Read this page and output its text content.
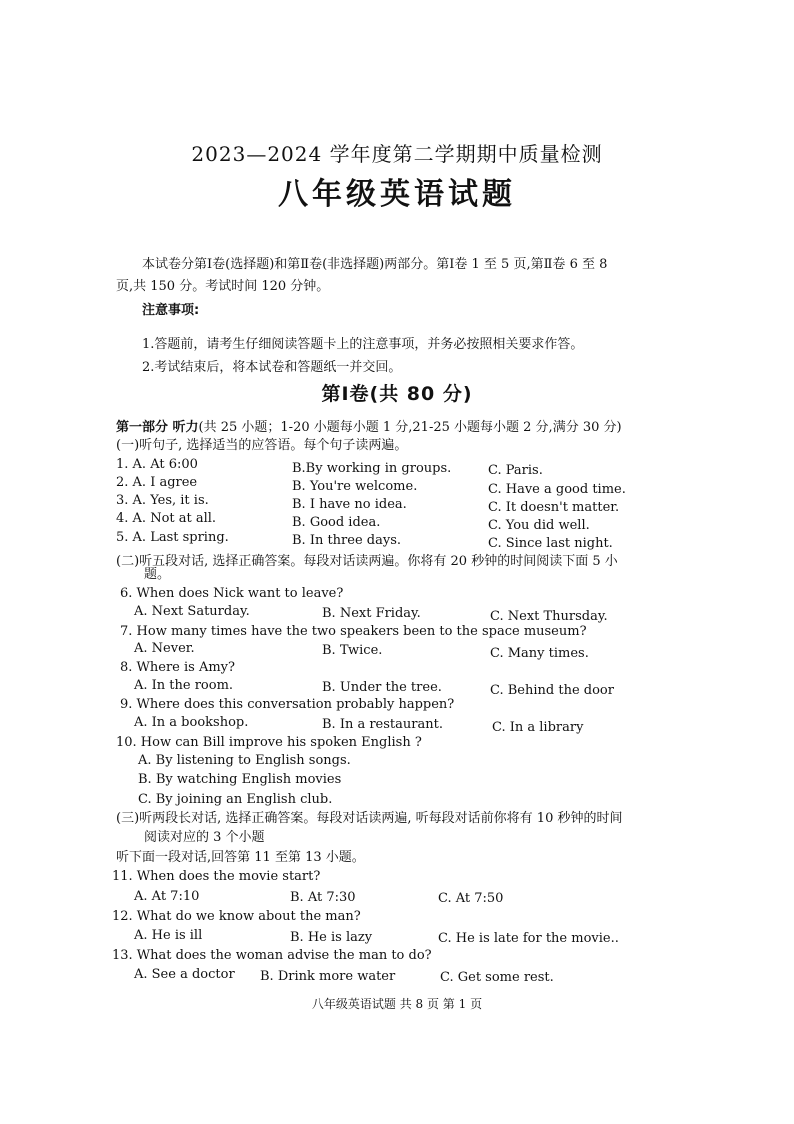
2023—2024 学年度第二学期期中质量检测
八年级英语试题
本试卷分第Ⅰ卷(选择题)和第Ⅱ卷(非选择题)两部分。第Ⅰ卷 1 至 5 页,第Ⅱ卷 6 至 8
页,共 150 分。考试时间 120 分钟。
注意事项:
1.答题前，请考生仔细阅读答题卡上的注意事项，并务必按照相关要求作答。
2.考试结束后，将本试卷和答题纸一并交回。
第Ⅰ卷(共 80 分)
第一部分 听力(共 25 小题；1-20 小题每小题 1 分,21-25 小题每小题 2 分,满分 30 分)
(一)听句子, 选择适当的应答语。每个句子读两遍。
1. A. At 6:00	B.By working in groups.	C. Paris.
2. A. I agree	B. You're welcome.	C. Have a good time.
3. A. Yes, it is.	B. I have no idea.	C. It doesn't matter.
4. A. Not at all.	B. Good idea.	C. You did well.
5. A. Last spring.	B. In three days.	C. Since last night.
(二)听五段对话, 选择正确答案。每段对话读两遍。你将有 20 秒钟的时间阅读下面 5 小
题。
6. When does Nick want to leave?
A. Next Saturday.	B. Next Friday.	C. Next Thursday.
7. How many times have the two speakers been to the space museum?
A. Never.	B. Twice.	C. Many times.
8. Where is Amy?
A. In the room.	B. Under the tree.	C. Behind the door
9. Where does this conversation probably happen?
A. In a bookshop.	B. In a restaurant.	C. In a library
10. How can Bill improve his spoken English ?
A. By listening to English songs.
B. By watching English movies
C. By joining an English club.
(三)听两段长对话, 选择正确答案。每段对话读两遍, 听每段对话前你将有 10 秒钟的时间
阅读对应的 3 个小题
听下面一段对话,回答第 11 至第 13 小题。
11. When does the movie start?
A. At 7:10	B. At 7:30	C. At 7:50
12. What do we know about the man?
A. He is ill	B. He is lazy	C. He is late for the movie..
13. What does the woman advise the man to do?
A. See a doctor B. Drink more water	C. Get some rest.
八年级英语试题 共 8 页 第 1 页
